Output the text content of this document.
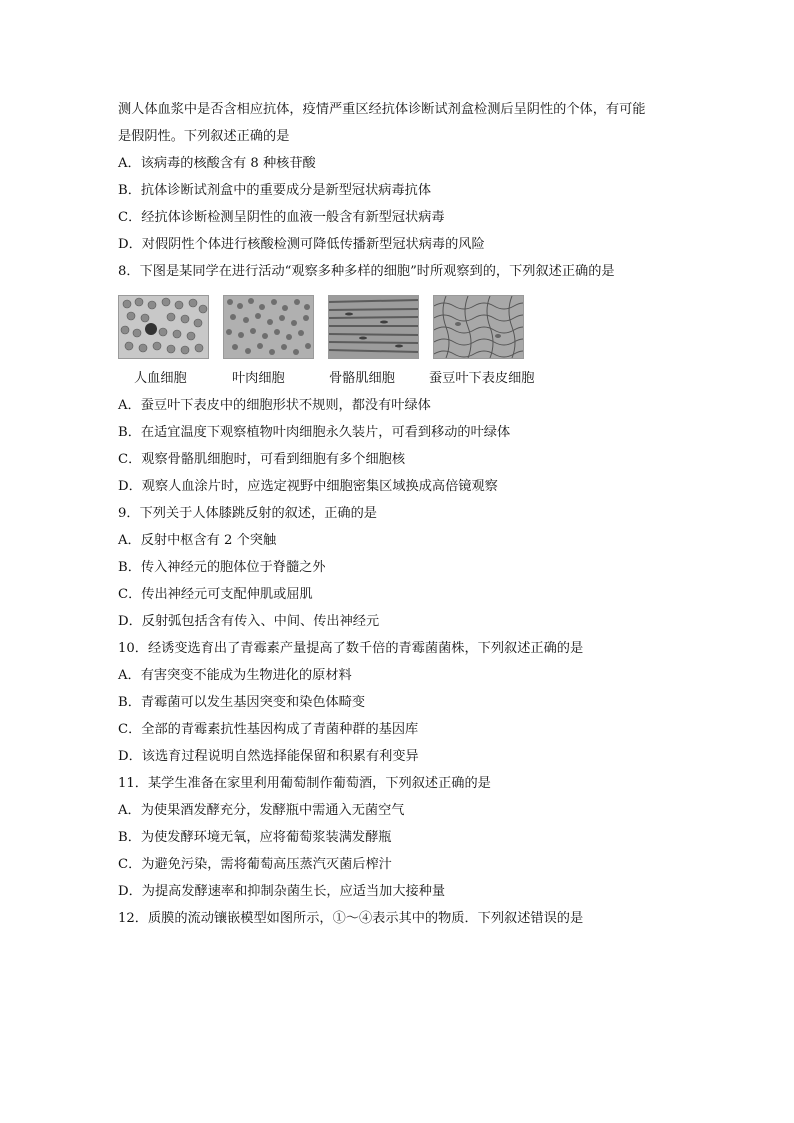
测人体血浆中是否含相应抗体，疫情严重区经抗体诊断试剂盒检测后呈阴性的个体，有可能
是假阴性。下列叙述正确的是
A．该病毒的核酸含有 8 种核苷酸
B．抗体诊断试剂盒中的重要成分是新型冠状病毒抗体
C．经抗体诊断检测呈阴性的血液一般含有新型冠状病毒
D．对假阴性个体进行核酸检测可降低传播新型冠状病毒的风险
8．下图是某同学在进行活动“观察多种多样的细胞”时所观察到的，下列叙述正确的是
人血细胞	叶肉细胞	骨骼肌细胞	蚕豆叶下表皮细胞
A．蚕豆叶下表皮中的细胞形状不规则，都没有叶绿体
B．在适宜温度下观察植物叶肉细胞永久装片，可看到移动的叶绿体
C．观察骨骼肌细胞时，可看到细胞有多个细胞核
D．观察人血涂片时，应选定视野中细胞密集区域换成高倍镜观察
9．下列关于人体膝跳反射的叙述，正确的是
A．反射中枢含有 2 个突触
B．传入神经元的胞体位于脊髓之外
C．传出神经元可支配伸肌或屈肌
D．反射弧包括含有传入、中间、传出神经元
10．经诱变选育出了青霉素产量提高了数千倍的青霉菌菌株，下列叙述正确的是
A．有害突变不能成为生物进化的原材料
B．青霉菌可以发生基因突变和染色体畸变
C．全部的青霉素抗性基因构成了青菌种群的基因库
D．该选育过程说明自然选择能保留和积累有利变异
11．某学生准备在家里利用葡萄制作葡萄酒，下列叙述正确的是
A．为使果酒发酵充分，发酵瓶中需通入无菌空气
B．为使发酵环境无氧，应将葡萄浆装满发酵瓶
C．为避免污染，需将葡萄高压蒸汽灭菌后榨汁
D．为提高发酵速率和抑制杂菌生长，应适当加大接种量
12．质膜的流动镶嵌模型如图所示，①～④表示其中的物质．下列叙述错误的是
